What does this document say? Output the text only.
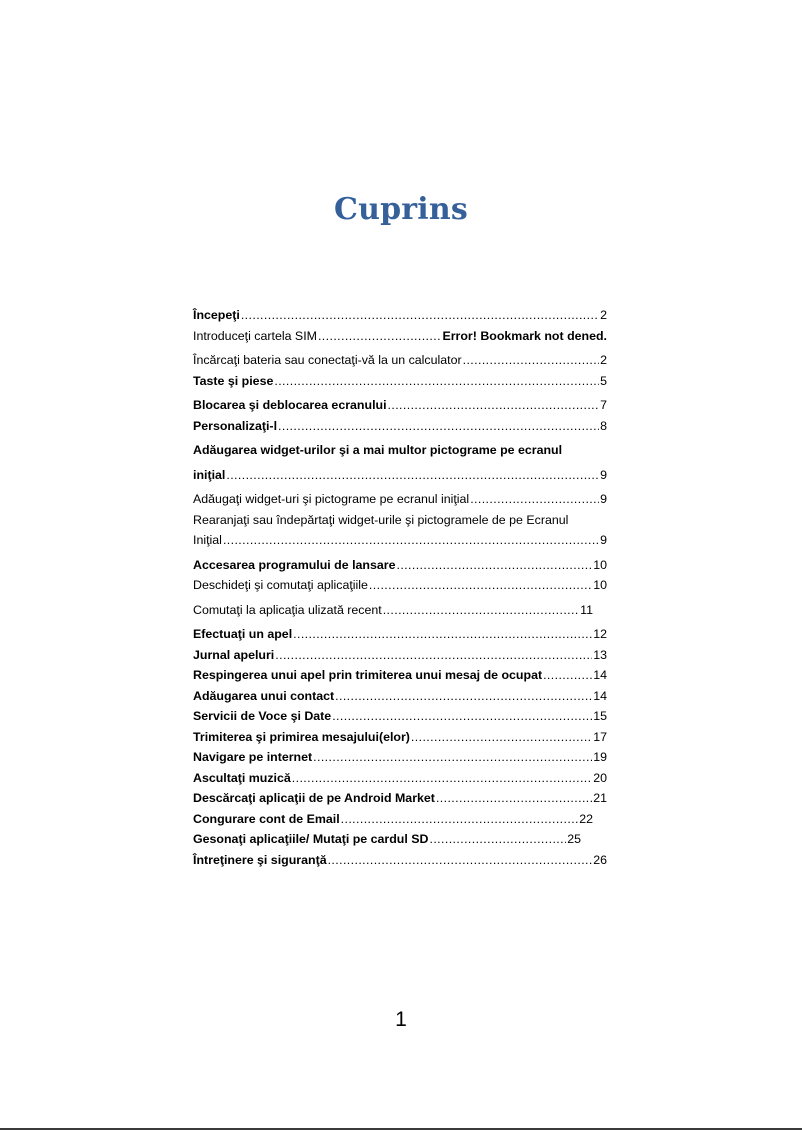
Cuprins
Începeţi .....	2
Introduceţi cartela SIM .....	Error! Bookmark not dened.
Încărcaţi bateria sau conectaţi-vă la un calculator .....	2
Taste şi piese .....	5
Blocarea şi deblocarea ecranului .....	7
Personalizaţi-l .....	8
Adăugarea widget-urilor şi a mai multor pictograme pe ecranul
iniţial .....	9
Adăugaţi widget-uri şi pictograme pe ecranul iniţial .....	9
Rearanjaţi sau îndepărtaţi widget-urile şi pictogramele de pe Ecranul
Iniţial .....	9
Accesarea programului de lansare .....	10
Deschideţi şi comutaţi aplicaţiile .....	10
Comutaţi la aplicaţia ulizată recent .....	11
Efectuaţi un apel .....	12
Jurnal apeluri .....	13
Respingerea unui apel prin trimiterea unui mesaj de ocupat .....	14
Adăugarea unui contact .....	14
Servicii de Voce şi Date .....	15
Trimiterea şi primirea mesajului(elor) .....	17
Navigare pe internet .....	19
Ascultaţi muzică .....	20
Descărcaţi aplicaţii de pe Android Market .....	21
Congurare cont de Email .....	22
Gesonaţi aplicaţiile/ Mutaţi pe cardul SD .....	25
Întreţinere şi siguranţă .....	26
1
